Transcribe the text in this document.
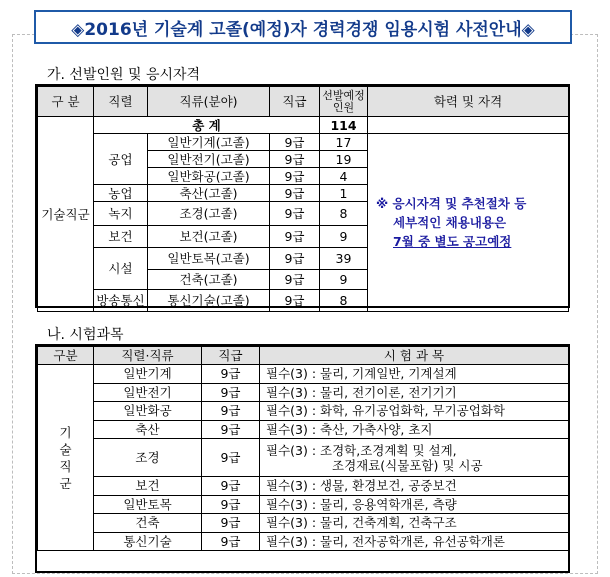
◈2016년 기술계 고졸(예정)자 경력경쟁 임용시험 사전안내◈
가. 선발인원 및 응시자격
구 분	직렬	직류(분야)	직급	선발예정 인원	학력 및 자격
기술직군	총 계			114	
	공업	일반기계(고졸)	9급	17	※ 응시자격 및 추천절차 등
세부적인 채용내용은
7월 중 별도 공고예정

		일반전기(고졸)	9급	19	
		일반화공(고졸)	9급	4	
	농업	축산(고졸)	9급	1	
	녹지	조경(고졸)	9급	8	
	보건	보건(고졸)	9급	9	
	시설	일반토목(고졸)	9급	39	
		건축(고졸)	9급	9	
	방송통신	통신기술(고졸)	9급	8	
나. 시험과목
구분	직렬·직류	직급	시 험 과 목

기
술
직
군	일반기계	9급	필수(3) : 물리, 기계일반, 기계설계
	일반전기	9급	필수(3) : 물리, 전기이론, 전기기기
	일반화공	9급	필수(3) : 화학, 유기공업화학, 무기공업화학
	축산	9급	필수(3) : 축산, 가축사양, 초지
	조경	9급	필수(3) : 조경학,조경계획 및 설계,
조경재료(식물포함) 및 시공

	보건	9급	필수(3) : 생물, 환경보건, 공중보건
	일반토목	9급	필수(3) : 물리, 응용역학개론, 측량
	건축	9급	필수(3) : 물리, 건축계획, 건축구조
	통신기술	9급	필수(3) : 물리, 전자공학개론, 유선공학개론
